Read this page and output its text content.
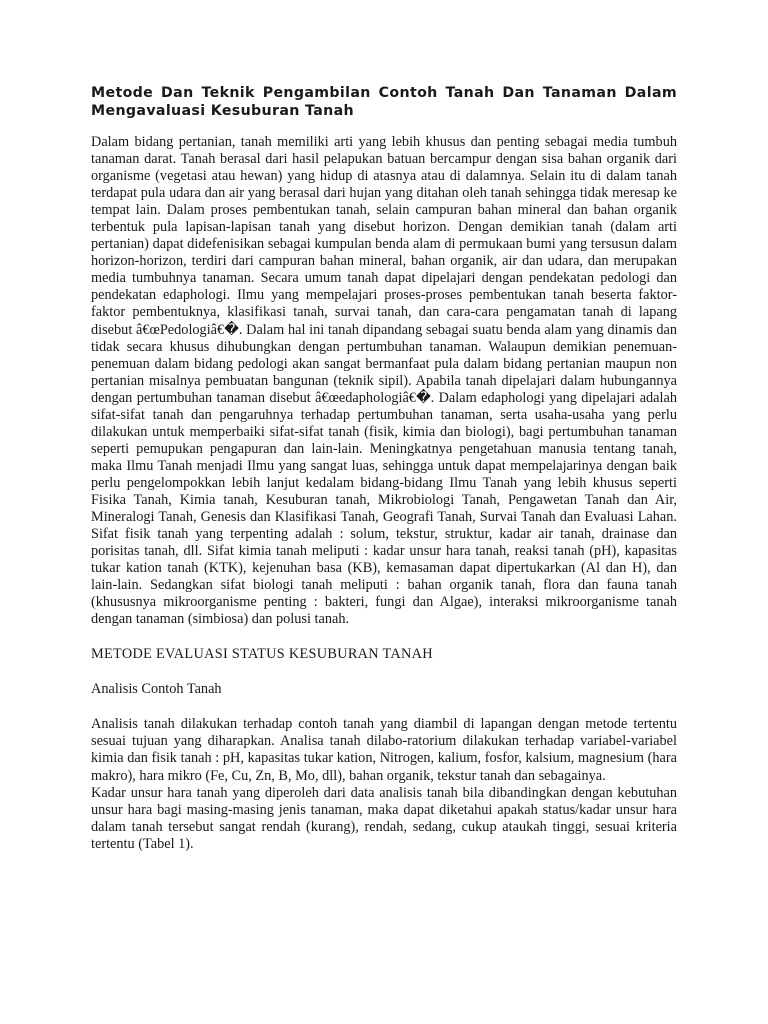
Metode Dan Teknik Pengambilan Contoh Tanah Dan Tanaman Dalam Mengavaluasi Kesuburan Tanah

Dalam bidang pertanian, tanah memiliki arti yang lebih khusus dan penting sebagai media tumbuh tanaman darat. Tanah berasal dari hasil pelapukan batuan bercampur dengan sisa bahan organik dari organisme (vegetasi atau hewan) yang hidup di atasnya atau di dalamnya. Selain itu di dalam tanah terdapat pula udara dan air yang berasal dari hujan yang ditahan oleh tanah sehingga tidak meresap ke tempat lain. Dalam proses pembentukan tanah, selain campuran bahan mineral dan bahan organik terbentuk pula lapisan-lapisan tanah yang disebut horizon. Dengan demikian tanah (dalam arti pertanian) dapat didefenisikan sebagai kumpulan benda alam di permukaan bumi yang tersusun dalam horizon-horizon, terdiri dari campuran bahan mineral, bahan organik, air dan udara, dan merupakan media tumbuhnya tanaman. Secara umum tanah dapat dipelajari dengan pendekatan pedologi dan pendekatan edaphologi. Ilmu yang mempelajari proses-proses pembentukan tanah beserta faktor-faktor pembentuknya, klasifikasi tanah, survai tanah, dan cara-cara pengamatan tanah di lapang disebut â€œPedologiâ€�. Dalam hal ini tanah dipandang sebagai suatu benda alam yang dinamis dan tidak secara khusus dihubungkan dengan pertumbuhan tanaman. Walaupun demikian penemuan-penemuan dalam bidang pedologi akan sangat bermanfaat pula dalam bidang pertanian maupun non pertanian misalnya pembuatan bangunan (teknik sipil). Apabila tanah dipelajari dalam hubungannya dengan pertumbuhan tanaman disebut â€œedaphologiâ€�. Dalam edaphologi yang dipelajari adalah sifat-sifat tanah dan pengaruhnya terhadap pertumbuhan tanaman, serta usaha-usaha yang perlu dilakukan untuk memperbaiki sifat-sifat tanah (fisik, kimia dan biologi), bagi pertumbuhan tanaman seperti pemupukan pengapuran dan lain-lain. Meningkatnya pengetahuan manusia tentang tanah, maka Ilmu Tanah menjadi Ilmu yang sangat luas, sehingga untuk dapat mempelajarinya dengan baik perlu pengelompokkan lebih lanjut kedalam bidang-bidang Ilmu Tanah yang lebih khusus seperti Fisika Tanah, Kimia tanah, Kesuburan tanah, Mikrobiologi Tanah, Pengawetan Tanah dan Air, Mineralogi Tanah, Genesis dan Klasifikasi Tanah, Geografi Tanah, Survai Tanah dan Evaluasi Lahan. Sifat fisik tanah yang terpenting adalah : solum, tekstur, struktur, kadar air tanah, drainase dan porisitas tanah, dll. Sifat kimia tanah meliputi : kadar unsur hara tanah, reaksi tanah (pH), kapasitas tukar kation tanah (KTK), kejenuhan basa (KB), kemasaman dapat dipertukarkan (Al dan H), dan lain-lain. Sedangkan sifat biologi tanah meliputi : bahan organik tanah, flora dan fauna tanah (khususnya mikroorganisme penting : bakteri, fungi dan Algae), interaksi mikroorganisme tanah dengan tanaman (simbiosa) dan polusi tanah.

METODE EVALUASI STATUS KESUBURAN TANAH
Analisis Contoh Tanah

Analisis tanah dilakukan terhadap contoh tanah yang diambil di lapangan dengan metode tertentu sesuai tujuan yang diharapkan. Analisa tanah dilabo-ratorium dilakukan terhadap variabel-variabel kimia dan fisik tanah : pH, kapasitas tukar kation, Nitrogen, kalium, fosfor, kalsium, magnesium (hara makro), hara mikro (Fe, Cu, Zn, B, Mo, dll), bahan organik, tekstur tanah dan sebagainya.

Kadar unsur hara tanah yang diperoleh dari data analisis tanah bila dibandingkan dengan kebutuhan unsur hara bagi masing-masing jenis tanaman, maka dapat diketahui apakah status/kadar unsur hara dalam tanah tersebut sangat rendah (kurang), rendah, sedang, cukup ataukah tinggi, sesuai kriteria tertentu (Tabel 1).
